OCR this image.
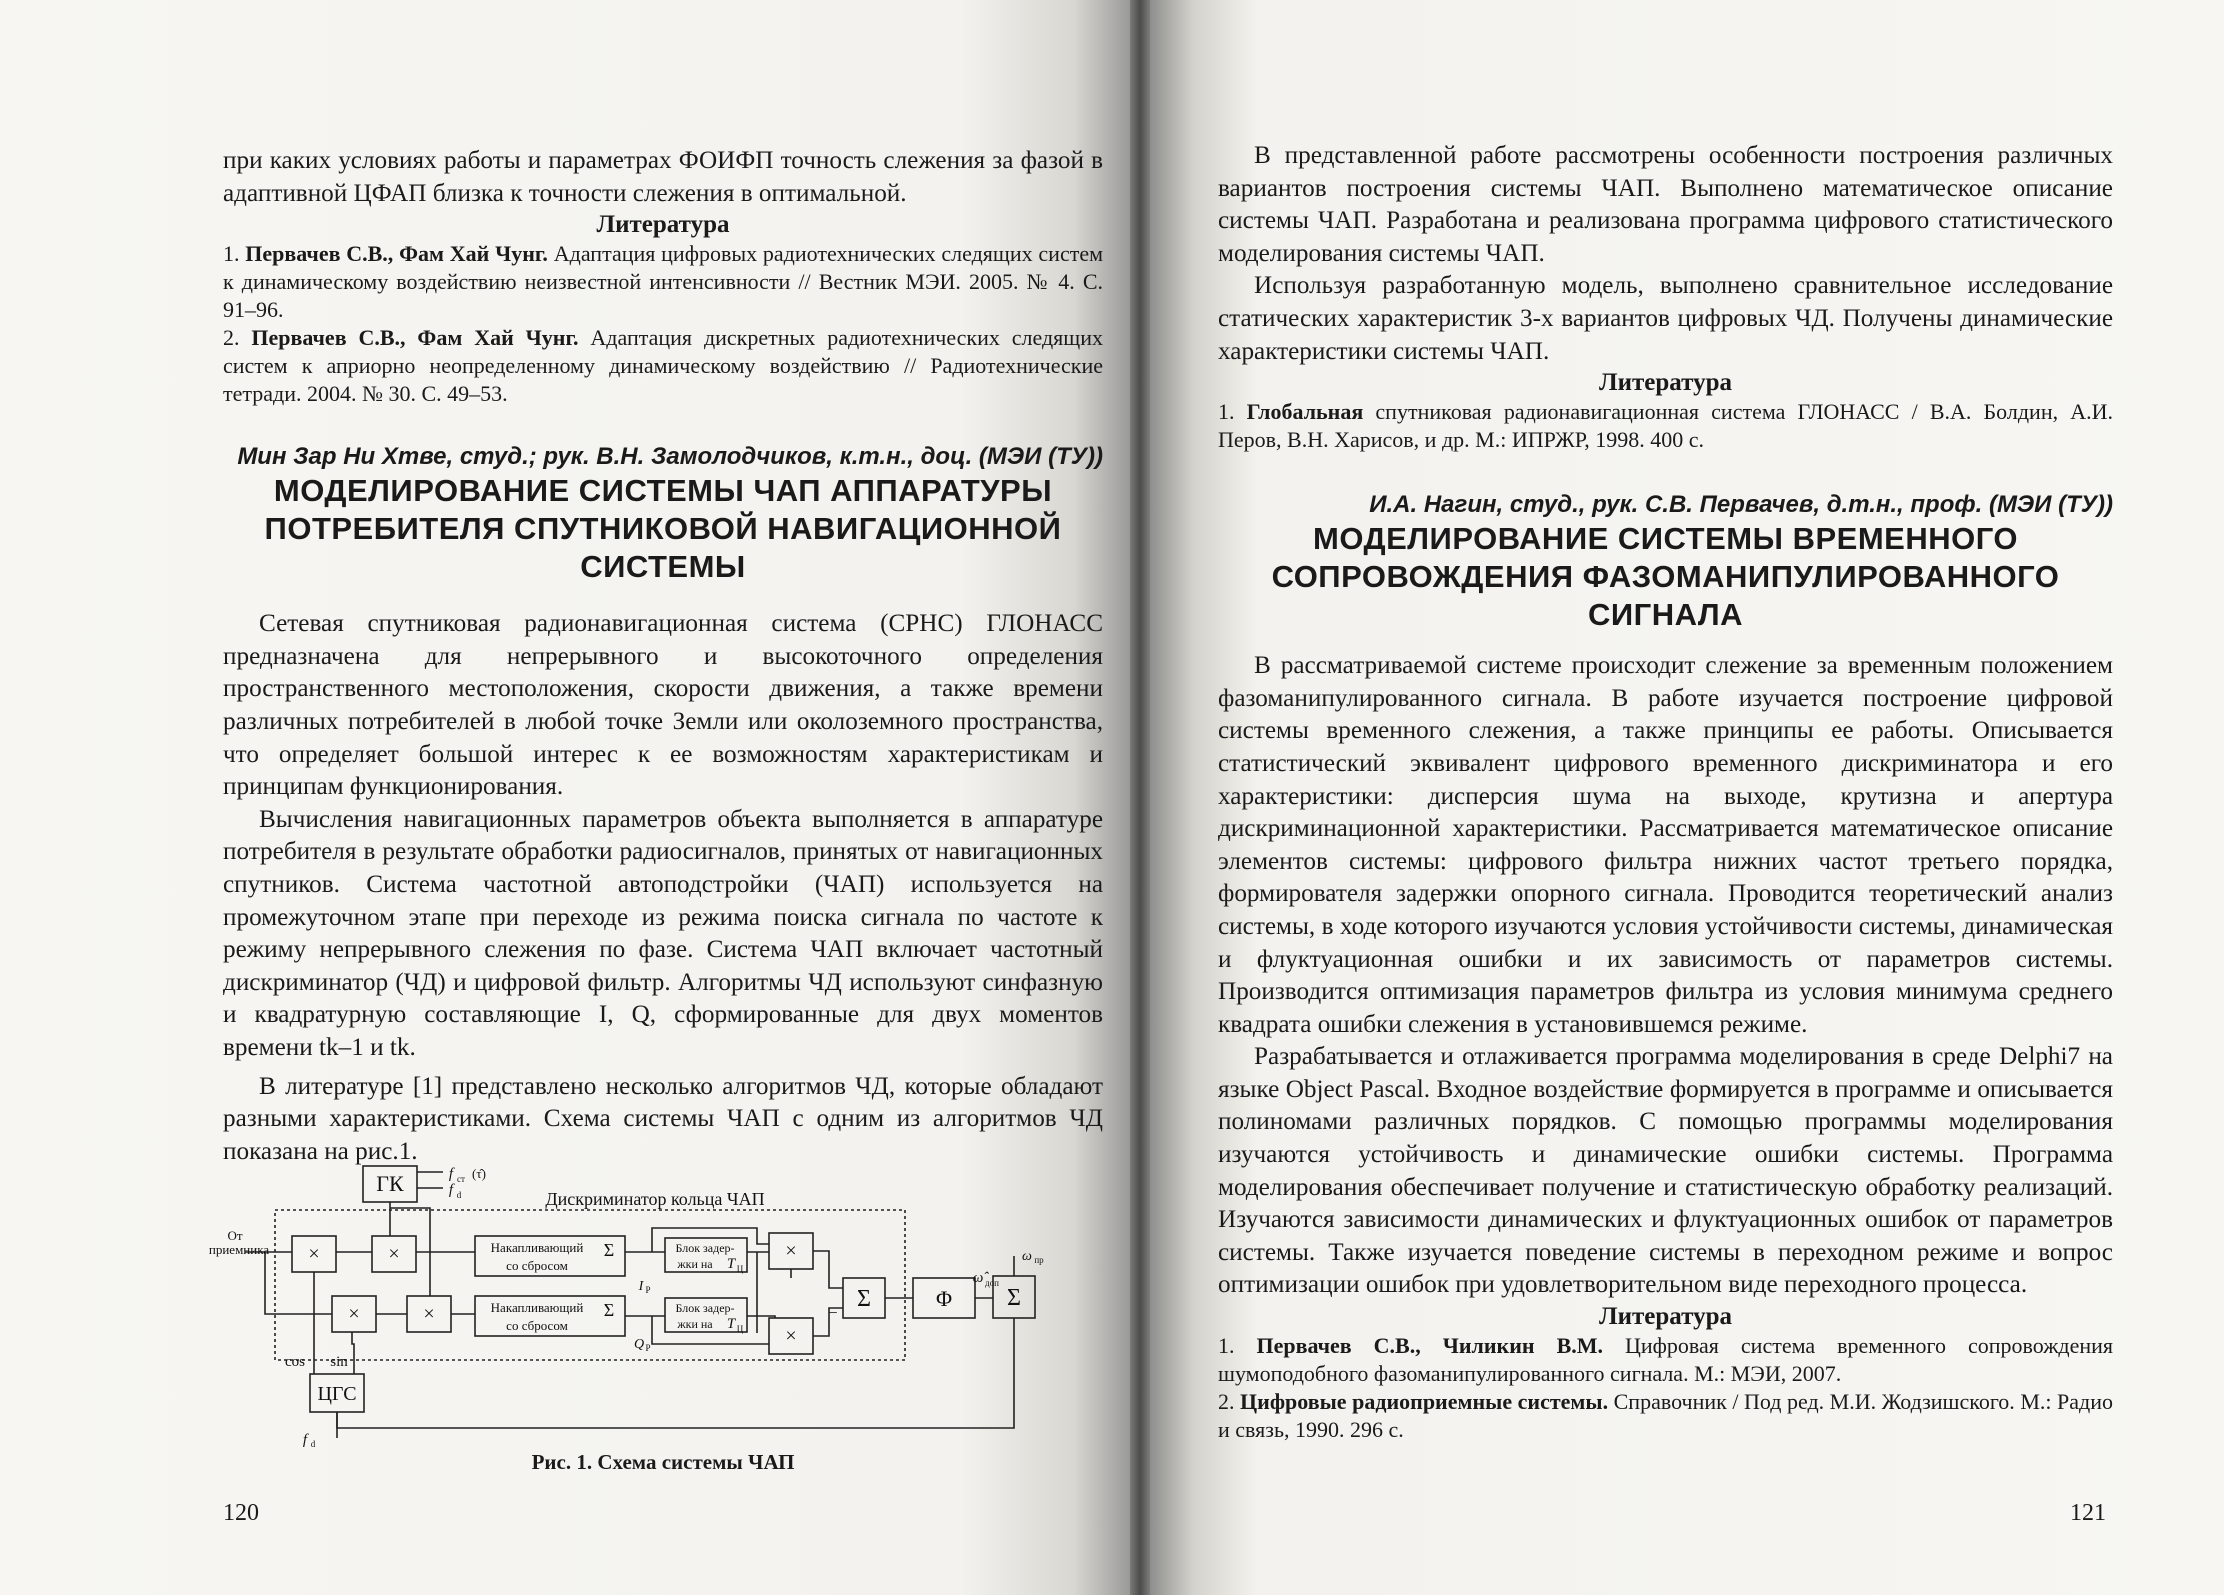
при каких условиях работы и параметрах ФОИФП точность слежения за фазой в адаптивной ЦФАП близка к точности слежения в оптимальной.

Литература

1. Первачев С.В., Фам Хай Чунг. Адаптация цифровых радиотехнических следящих систем к динамическому воздействию неизвестной интенсивности // Вестник МЭИ. 2005. № 4. С. 91–96.

2. Первачев С.В., Фам Хай Чунг. Адаптация дискретных радиотехнических следящих систем к априорно неопределенному динамическому воздействию // Радиотехнические тетради. 2004. № 30. С. 49–53.

Мин Зар Ни Хтве, студ.; рук. В.Н. Замолодчиков, к.т.н., доц. (МЭИ (ТУ))

МОДЕЛИРОВАНИЕ СИСТЕМЫ ЧАП АППАРАТУРЫ

ПОТРЕБИТЕЛЯ СПУТНИКОВОЙ НАВИГАЦИОННОЙ СИСТЕМЫ

Сетевая спутниковая радионавигационная система (СРНС) ГЛОНАСС предназначена для непрерывного и высокоточного определения пространственного местоположения, скорости движения, а также времени различных потребителей в любой точке Земли или околоземного пространства, что определяет большой интерес к ее возможностям характеристикам и принципам функционирования.

Вычисления навигационных параметров объекта выполняется в аппаратуре потребителя в результате обработки радиосигналов, принятых от навигационных спутников. Система частотной автоподстройки (ЧАП) используется на промежуточном этапе при переходе из режима поиска сигнала по частоте к режиму непрерывного слежения по фазе. Система ЧАП включает частотный дискриминатор (ЧД) и цифровой фильтр. Алгоритмы ЧД используют синфазную и квадратурную составляющие I, Q, сформированные для двух моментов времени tk–1 и tk.

В литературе [1] представлено несколько алгоритмов ЧД, которые обладают разными характеристиками. Схема системы ЧАП с одним из алгоритмов ЧД показана на рис.1.

ГК
ЦГС
Дискриминатор кольца ЧАП
От
приемника ×	×
×	×
×
×
Накапливающий
со сбросом
Накапливающий
со сбросом
Σ
Σ
Блок задер-
жки на
Блок задер-
жки на
T Ц
T Ц
Σ	Σ
Φ
f ст (τ̂)
f d
I P
Q P
cos sin
f d
ω̂ доп
ω пр
−
Рис. 1. Схема системы ЧАП
120

В представленной работе рассмотрены особенности построения различных вариантов построения системы ЧАП. Выполнено математическое описание системы ЧАП. Разработана и реализована программа цифрового статистического моделирования системы ЧАП.

Используя разработанную модель, выполнено сравнительное исследование статических характеристик 3-х вариантов цифровых ЧД. Получены динамические характеристики системы ЧАП.

Литература

1. Глобальная спутниковая радионавигационная система ГЛОНАСС / В.А. Болдин, А.И. Перов, В.Н. Харисов, и др. М.: ИПРЖР, 1998. 400 с.

И.А. Нагин, студ., рук. С.В. Первачев, д.т.н., проф. (МЭИ (ТУ))

МОДЕЛИРОВАНИЕ СИСТЕМЫ ВРЕМЕННОГО

СОПРОВОЖДЕНИЯ ФАЗОМАНИПУЛИРОВАННОГО СИГНАЛА

В рассматриваемой системе происходит слежение за временным положением фазоманипулированного сигнала. В работе изучается построение цифровой системы временного слежения, а также принципы ее работы. Описывается статистический эквивалент цифрового временного дискриминатора и его характеристики: дисперсия шума на выходе, крутизна и апертура дискриминационной характеристики. Рассматривается математическое описание элементов системы: цифрового фильтра нижних частот третьего порядка, формирователя задержки опорного сигнала. Проводится теоретический анализ системы, в ходе которого изучаются условия устойчивости системы, динамическая и флуктуационная ошибки и их зависимость от параметров системы. Производится оптимизация параметров фильтра из условия минимума среднего квадрата ошибки слежения в установившемся режиме.

Разрабатывается и отлаживается программа моделирования в среде Delphi7 на языке Object Pascal. Входное воздействие формируется в программе и описывается полиномами различных порядков. С помощью программы моделирования изучаются устойчивость и динамические ошибки системы. Программа моделирования обеспечивает получение и статистическую обработку реализаций. Изучаются зависимости динамических и флуктуационных ошибок от параметров системы. Также изучается поведение системы в переходном режиме и вопрос оптимизации ошибок при удовлетворительном виде переходного процесса.

Литература

1. Первачев С.В., Чиликин В.М. Цифровая система временного сопровождения шумоподобного фазоманипулированного сигнала. М.: МЭИ, 2007.

2. Цифровые радиоприемные системы. Справочник / Под ред. М.И. Жодзишского. М.: Радио и связь, 1990. 296 с.

121
